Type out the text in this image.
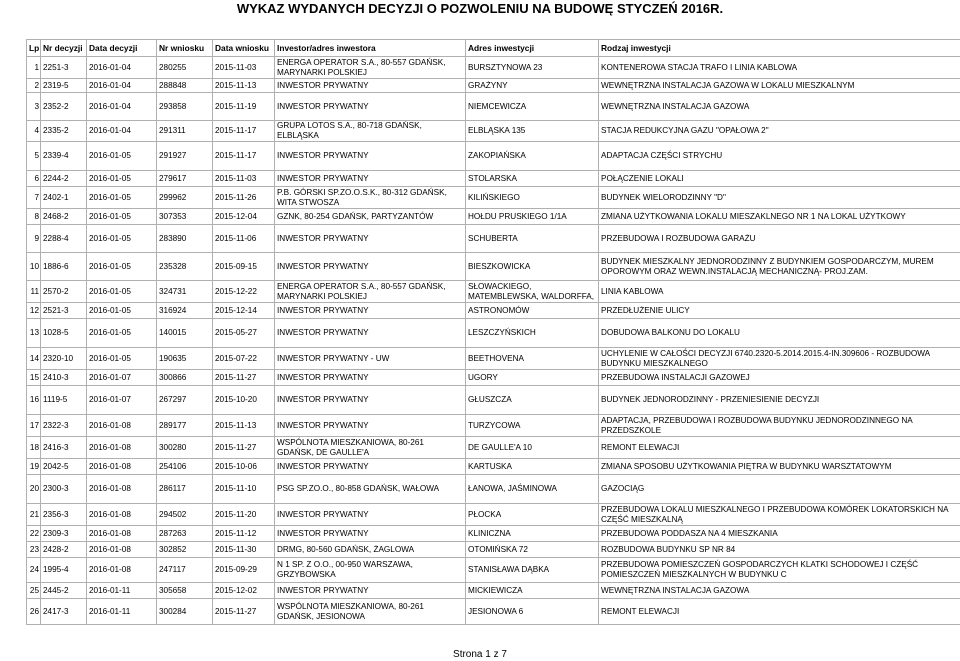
WYKAZ WYDANYCH DECYZJI O POZWOLENIU NA BUDOWĘ STYCZEŃ 2016R.
Lp	Nr decyzji	Data decyzji	Nr wniosku	Data wniosku	Investor/adres inwestora	Adres inwestycji	Rodzaj inwestycji
1	2251-3	2016-01-04	280255	2015-11-03	ENERGA OPERATOR S.A., 80-557 GDAŃSK, MARYNARKI POLSKIEJ	BURSZTYNOWA 23	KONTENEROWA STACJA TRAFO I LINIA KABLOWA
2	2319-5	2016-01-04	288848	2015-11-13	INWESTOR PRYWATNY	GRAŻYNY	WEWNĘTRZNA INSTALACJA GAZOWA W LOKALU MIESZKALNYM
3	2352-2	2016-01-04	293858	2015-11-19	INWESTOR PRYWATNY	NIEMCEWICZA	WEWNĘTRZNA INSTALACJA GAZOWA
4	2335-2	2016-01-04	291311	2015-11-17	GRUPA LOTOS S.A., 80-718 GDAŃSK, ELBLĄSKA	ELBLĄSKA 135	STACJA REDUKCYJNA GAZU "OPAŁOWA 2"
5	2339-4	2016-01-05	291927	2015-11-17	INWESTOR PRYWATNY	ZAKOPIAŃSKA	ADAPTACJA CZĘŚCI STRYCHU
6	2244-2	2016-01-05	279617	2015-11-03	INWESTOR PRYWATNY	STOLARSKA	POŁĄCZENIE LOKALI
7	2402-1	2016-01-05	299962	2015-11-26	P.B. GÓRSKI SP.ZO.O.S.K., 80-312 GDAŃSK, WITA STWOSZA	KILIŃSKIEGO	BUDYNEK WIELORODZINNY "D"
8	2468-2	2016-01-05	307353	2015-12-04	GZNK, 80-254 GDAŃSK, PARTYZANTÓW	HOŁDU PRUSKIEGO 1/1A	ZMIANA UŻYTKOWANIA LOKALU MIESZAKLNEGO NR 1 NA LOKAL UŻYTKOWY
9	2288-4	2016-01-05	283890	2015-11-06	INWESTOR PRYWATNY	SCHUBERTA	PRZEBUDOWA I ROZBUDOWA GARAŻU
10	1886-6	2016-01-05	235328	2015-09-15	INWESTOR PRYWATNY	BIESZKOWICKA	BUDYNEK MIESZKALNY JEDNORODZINNY Z BUDYNKIEM GOSPODARCZYM, MUREM OPOROWYM ORAZ WEWN.INSTALACJĄ MECHANICZNĄ- PROJ.ZAM.
11	2570-2	2016-01-05	324731	2015-12-22	ENERGA OPERATOR S.A., 80-557 GDAŃSK, MARYNARKI POLSKIEJ	SŁOWACKIEGO, MATEMBLEWSKA, WALDORFFA,	LINIA KABLOWA
12	2521-3	2016-01-05	316924	2015-12-14	INWESTOR PRYWATNY	ASTRONOMÓW	PRZEDŁUŻENIE ULICY
13	1028-5	2016-01-05	140015	2015-05-27	INWESTOR PRYWATNY	LESZCZYŃSKICH	DOBUDOWA BALKONU DO LOKALU
14	2320-10	2016-01-05	190635	2015-07-22	INWESTOR PRYWATNY - UW	BEETHOVENA	UCHYLENIE W CAŁOŚCI DECYZJI 6740.2320-5.2014.2015.4-IN.309606 - ROZBUDOWA BUDYNKU MIESZKALNEGO
15	2410-3	2016-01-07	300866	2015-11-27	INWESTOR PRYWATNY	UGORY	PRZEBUDOWA INSTALACJI GAZOWEJ
16	1119-5	2016-01-07	267297	2015-10-20	INWESTOR PRYWATNY	GŁUSZCZA	BUDYNEK JEDNORODZINNY - PRZENIESIENIE DECYZJI
17	2322-3	2016-01-08	289177	2015-11-13	INWESTOR PRYWATNY	TURZYCOWA	ADAPTACJA, PRZEBUDOWA I ROZBUDOWA BUDYNKU JEDNORODZINNEGO NA PRZEDSZKOLE
18	2416-3	2016-01-08	300280	2015-11-27	WSPÓLNOTA MIESZKANIOWA, 80-261 GDAŃSK, DE GAULLE'A	DE GAULLE'A 10	REMONT ELEWACJI
19	2042-5	2016-01-08	254106	2015-10-06	INWESTOR PRYWATNY	KARTUSKA	ZMIANA SPOSOBU UŻYTKOWANIA PIĘTRA W BUDYNKU WARSZTATOWYM
20	2300-3	2016-01-08	286117	2015-11-10	PSG SP.ZO.O., 80-858 GDAŃSK, WAŁOWA	ŁANOWA, JAŚMINOWA	GAZOCIĄG
21	2356-3	2016-01-08	294502	2015-11-20	INWESTOR PRYWATNY	PŁOCKA	PRZEBUDOWA LOKALU MIESZKALNEGO I PRZEBUDOWA KOMÓREK LOKATORSKICH NA CZĘŚĆ MIESZKALNĄ
22	2309-3	2016-01-08	287263	2015-11-12	INWESTOR PRYWATNY	KLINICZNA	PRZEBUDOWA PODDASZA NA 4 MIESZKANIA
23	2428-2	2016-01-08	302852	2015-11-30	DRMG, 80-560 GDAŃSK, ŻAGLOWA	OTOMIŃSKA 72	ROZBUDOWA BUDYNKU SP NR 84
24	1995-4	2016-01-08	247117	2015-09-29	N 1 SP. Z O.O., 00-950 WARSZAWA, GRZYBOWSKA	STANISŁAWA DĄBKA	PRZEBUDOWA POMIESZCZEŃ GOSPODARCZYCH KLATKI SCHODOWEJ I CZĘŚĆ POMIESZCZEŃ MIESZKALNYCH W BUDYNKU C
25	2445-2	2016-01-11	305658	2015-12-02	INWESTOR PRYWATNY	MICKIEWICZA	WEWNĘTRZNA INSTALACJA GAZOWA
26	2417-3	2016-01-11	300284	2015-11-27	WSPÓLNOTA MIESZKANIOWA, 80-261 GDAŃSK, JESIONOWA	JESIONOWA 6	REMONT ELEWACJI
Strona 1 z 7
